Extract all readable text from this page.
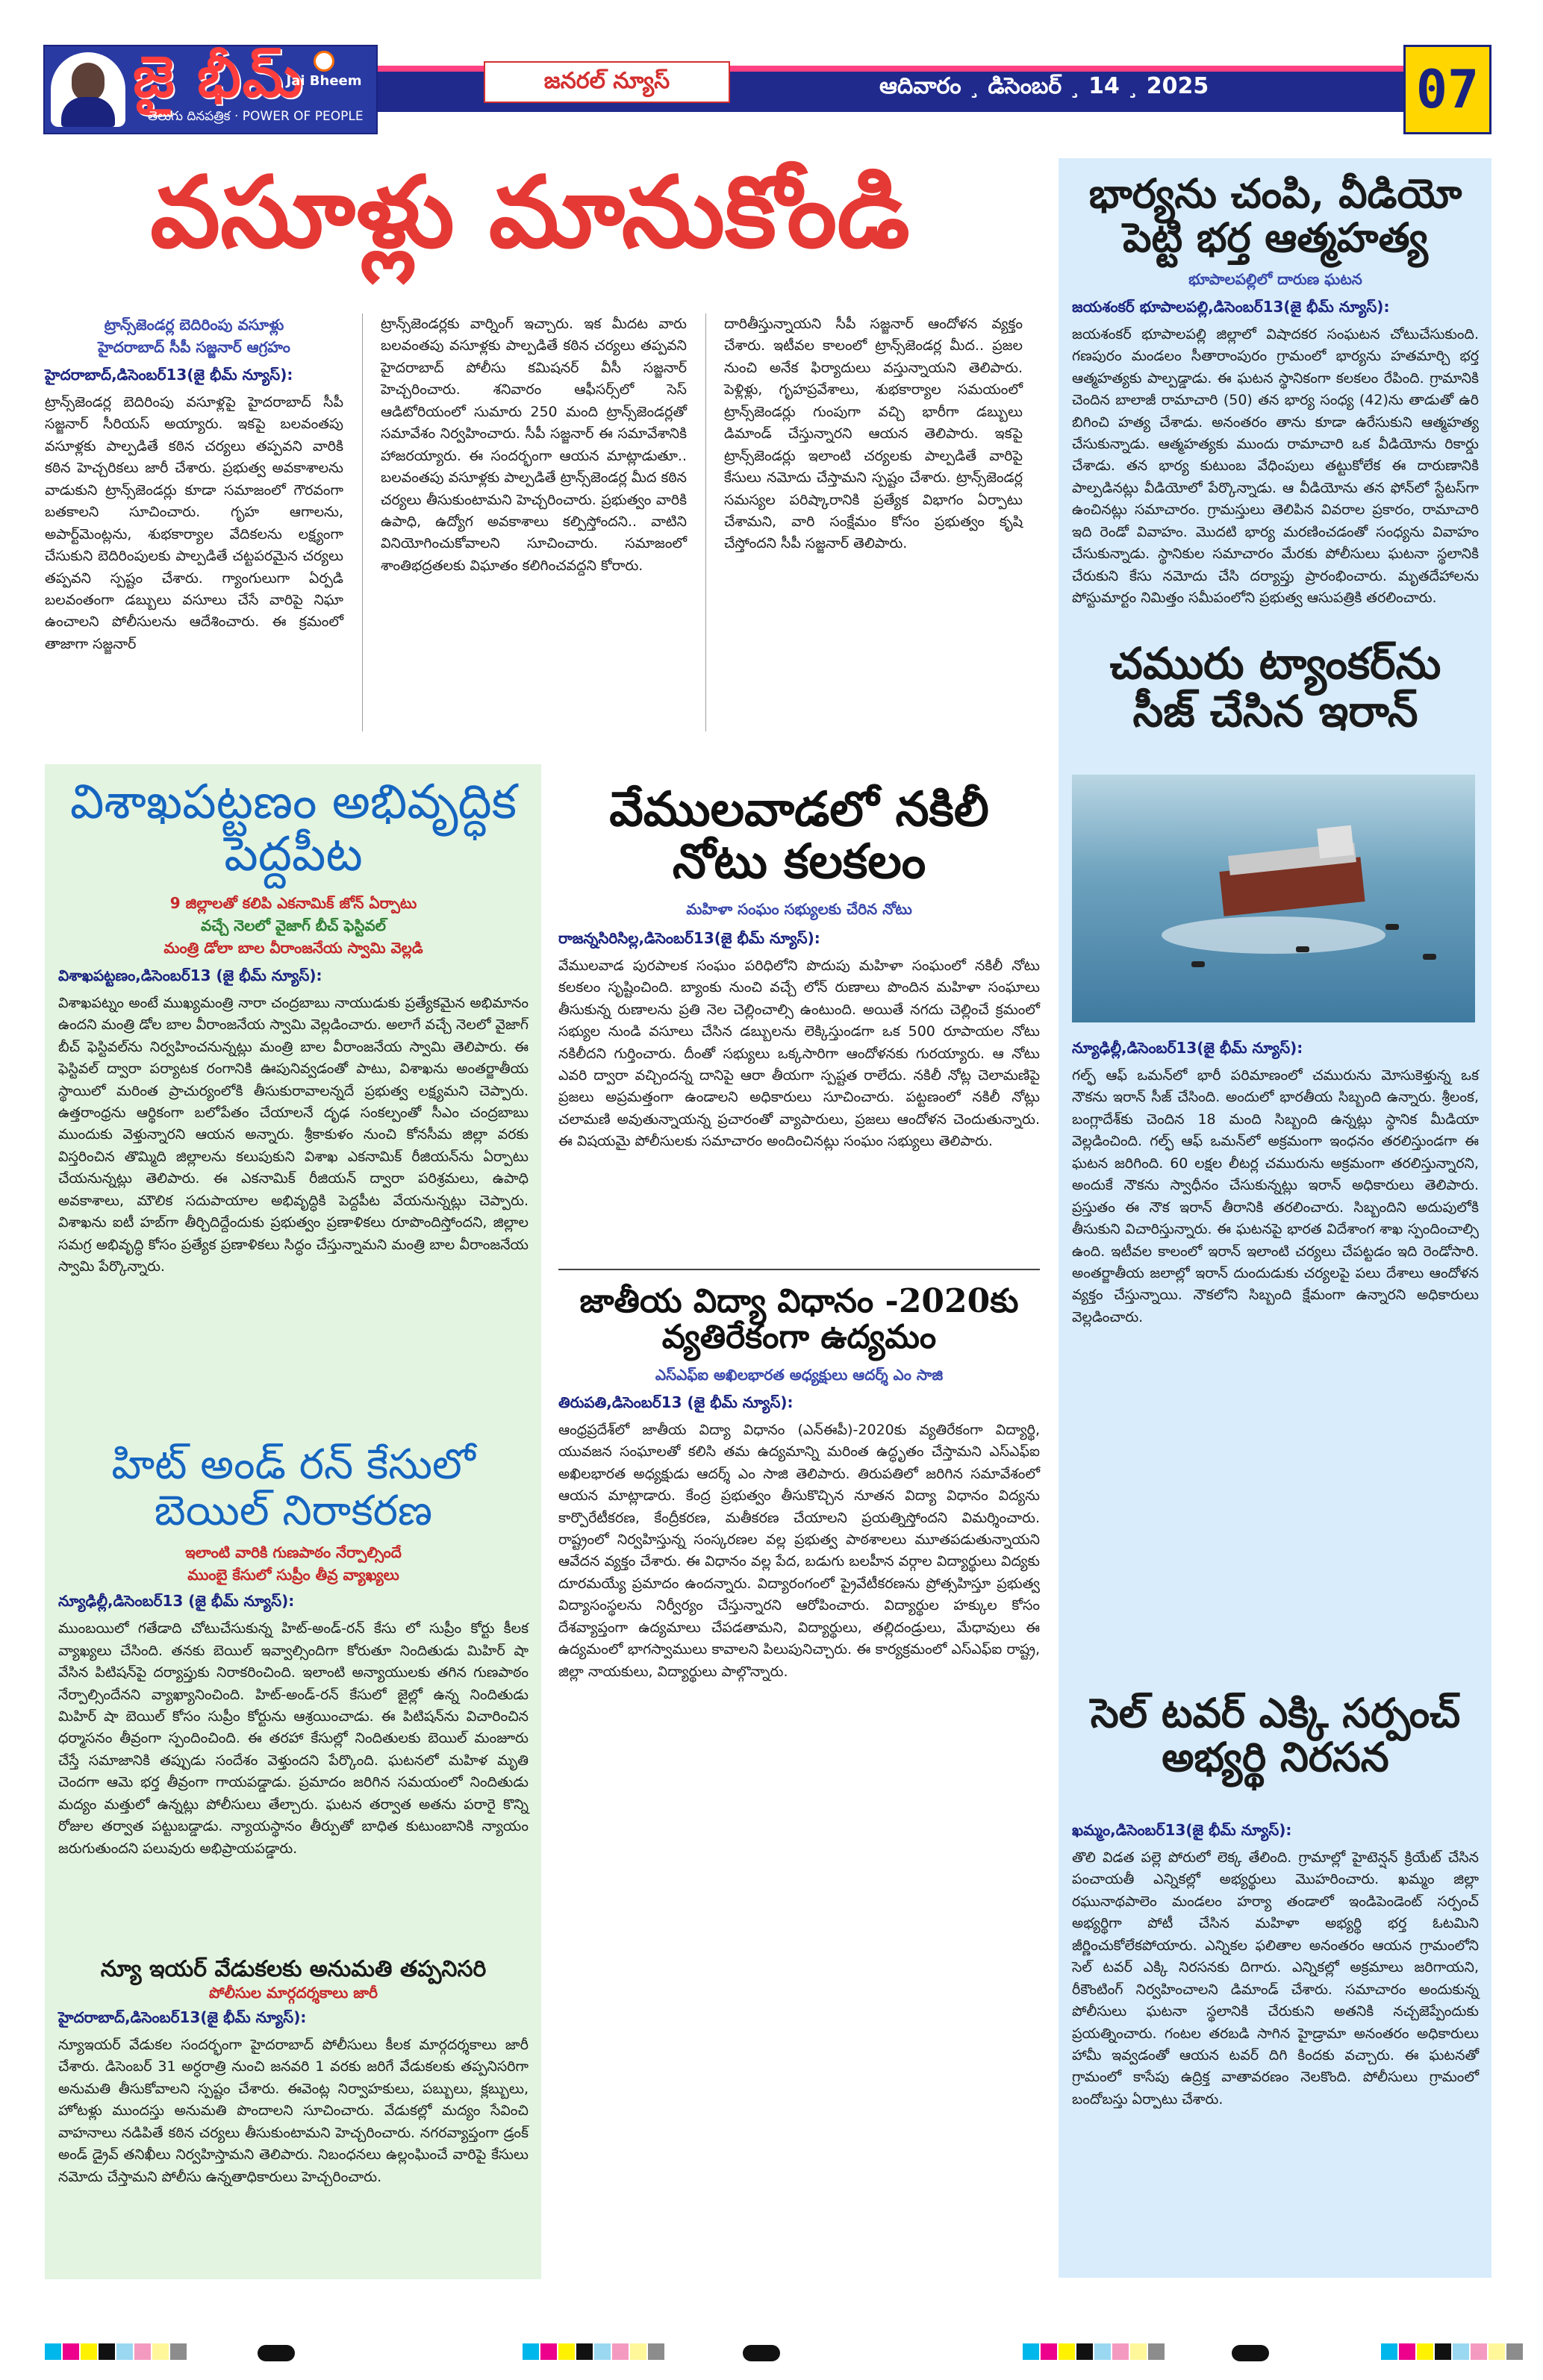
జై భీమ్
తెలుగు దినపత్రిక · POWER OF PEOPLE
Jai Bheem	జనరల్ న్యూస్	ఆదివారం ¸ డిసెంబర్ ¸ 14 ¸ 2025	07
వసూళ్లు మానుకోండి
ట్రాన్స్‌జెండర్ల బెదిరింపు వసూళ్లు
హైదరాబాద్ సీపీ సజ్జనార్ ఆగ్రహం
హైదరాబాద్,డిసెంబర్13(జై భీమ్ న్యూస్):
ట్రాన్స్‌జెండర్ల బెదిరింపు వసూళ్లపై హైదరాబాద్ సీపీ సజ్జనార్ సీరియస్ అయ్యారు. ఇకపై బలవంతపు వసూళ్లకు పాల్పడితే కఠిన చర్యలు తప్పవని వారికి కఠిన హెచ్చరికలు జారీ చేశారు. ప్రభుత్వ అవకాశాలను వాడుకుని ట్రాన్స్‌జెండర్లు కూడా సమాజంలో గౌరవంగా బతకాలని సూచించారు. గృహ ఆగాలను, అపార్ట్‌మెంట్లను, శుభకార్యాల వేదికలను లక్ష్యంగా చేసుకుని బెదిరింపులకు పాల్పడితే చట్టపరమైన చర్యలు తప్పవని స్పష్టం చేశారు. గ్యాంగులుగా ఏర్పడి బలవంతంగా డబ్బులు వసూలు చేసే వారిపై నిఘా ఉంచాలని పోలీసులను ఆదేశించారు. ఈ క్రమంలో తాజాగా సజ్జనార్
ట్రాన్స్‌జెండర్లకు వార్నింగ్ ఇచ్చారు. ఇక మీదట వారు బలవంతపు వసూళ్లకు పాల్పడితే కఠిన చర్యలు తప్పవని హైదరాబాద్ పోలీసు కమిషనర్ వీసీ సజ్జనార్ హెచ్చరించారు. శనివారం ఆఫీసర్స్‌లో సెస్ ఆడిటోరియంలో సుమారు 250 మంది ట్రాన్స్‌జెండర్లతో సమావేశం నిర్వహించారు. సీపీ సజ్జనార్ ఈ సమావేశానికి హాజరయ్యారు. ఈ సందర్భంగా ఆయన మాట్లాడుతూ.. బలవంతపు వసూళ్లకు పాల్పడితే ట్రాన్స్‌జెండర్ల మీద కఠిన చర్యలు తీసుకుంటామని హెచ్చరించారు. ప్రభుత్వం వారికి ఉపాధి, ఉద్యోగ అవకాశాలు కల్పిస్తోందని.. వాటిని వినియోగించుకోవాలని సూచించారు. సమాజంలో శాంతిభద్రతలకు విఘాతం కలిగించవద్దని కోరారు.
దారితీస్తున్నాయని సీపీ సజ్జనార్ ఆందోళన వ్యక్తం చేశారు. ఇటీవల కాలంలో ట్రాన్స్‌జెండర్ల మీద.. ప్రజల నుంచి అనేక ఫిర్యాదులు వస్తున్నాయని తెలిపారు. పెళ్లిళ్లు, గృహప్రవేశాలు, శుభకార్యాల సమయంలో ట్రాన్స్‌జెండర్లు గుంపుగా వచ్చి భారీగా డబ్బులు డిమాండ్ చేస్తున్నారని ఆయన తెలిపారు. ఇకపై ట్రాన్స్‌జెండర్లు ఇలాంటి చర్యలకు పాల్పడితే వారిపై కేసులు నమోదు చేస్తామని స్పష్టం చేశారు. ట్రాన్స్‌జెండర్ల సమస్యల పరిష్కారానికి ప్రత్యేక విభాగం ఏర్పాటు చేశామని, వారి సంక్షేమం కోసం ప్రభుత్వం కృషి చేస్తోందని సీపీ సజ్జనార్ తెలిపారు.
భార్యను చంపి, వీడియో పెట్టి భర్త ఆత్మహత్య
భూపాలపల్లిలో దారుణ ఘటన
జయశంకర్ భూపాలపల్లి,డిసెంబర్13(జై భీమ్ న్యూస్):
జయశంకర్ భూపాలపల్లి జిల్లాలో విషాదకర సంఘటన చోటుచేసుకుంది. గణపురం మండలం సీతారాంపురం గ్రామంలో భార్యను హతమార్చి భర్త ఆత్మహత్యకు పాల్పడ్డాడు. ఈ ఘటన స్థానికంగా కలకలం రేపింది. గ్రామానికి చెందిన బాలాజీ రామాచారి (50) తన భార్య సంధ్య (42)ను తాడుతో ఉరి బిగించి హత్య చేశాడు. అనంతరం తాను కూడా ఉరేసుకుని ఆత్మహత్య చేసుకున్నాడు. ఆత్మహత్యకు ముందు రామాచారి ఒక వీడియోను రికార్డు చేశాడు. తన భార్య కుటుంబ వేధింపులు తట్టుకోలేక ఈ దారుణానికి పాల్పడినట్లు వీడియోలో పేర్కొన్నాడు. ఆ వీడియోను తన ఫోన్‌లో స్టేటస్‌గా ఉంచినట్లు సమాచారం. గ్రామస్తులు తెలిపిన వివరాల ప్రకారం, రామాచారి ఇది రెండో వివాహం. మొదటి భార్య మరణించడంతో సంధ్యను వివాహం చేసుకున్నాడు. స్థానికుల సమాచారం మేరకు పోలీసులు ఘటనా స్థలానికి చేరుకుని కేసు నమోదు చేసి దర్యాప్తు ప్రారంభించారు. మృతదేహాలను పోస్టుమార్టం నిమిత్తం సమీపంలోని ప్రభుత్వ ఆసుపత్రికి తరలించారు.
చమురు ట్యాంకర్‌ను సీజ్ చేసిన ఇరాన్
న్యూఢిల్లీ,డిసెంబర్13(జై భీమ్ న్యూస్):
గల్ఫ్ ఆఫ్ ఒమన్‌లో భారీ పరిమాణంలో చమురును మోసుకెళ్తున్న ఒక నౌకను ఇరాన్ సీజ్ చేసింది. అందులో భారతీయ సిబ్బంది ఉన్నారు. శ్రీలంక, బంగ్లాదేశ్‌కు చెందిన 18 మంది సిబ్బంది ఉన్నట్లు స్థానిక మీడియా వెల్లడించింది. గల్ఫ్ ఆఫ్ ఒమన్‌లో అక్రమంగా ఇంధనం తరలిస్తుండగా ఈ ఘటన జరిగింది. 60 లక్షల లీటర్ల చమురును అక్రమంగా తరలిస్తున్నారని, అందుకే నౌకను స్వాధీనం చేసుకున్నట్లు ఇరాన్ అధికారులు తెలిపారు. ప్రస్తుతం ఈ నౌక ఇరాన్ తీరానికి తరలించారు. సిబ్బందిని అదుపులోకి తీసుకుని విచారిస్తున్నారు. ఈ ఘటనపై భారత విదేశాంగ శాఖ స్పందించాల్సి ఉంది. ఇటీవల కాలంలో ఇరాన్ ఇలాంటి చర్యలు చేపట్టడం ఇది రెండోసారి. అంతర్జాతీయ జలాల్లో ఇరాన్ దుందుడుకు చర్యలపై పలు దేశాలు ఆందోళన వ్యక్తం చేస్తున్నాయి. నౌకలోని సిబ్బంది క్షేమంగా ఉన్నారని అధికారులు వెల్లడించారు.
సెల్ టవర్ ఎక్కి సర్పంచ్ అభ్యర్థి నిరసన
ఖమ్మం,డిసెంబర్13(జై భీమ్ న్యూస్):
తొలి విడత పల్లె పోరులో లెక్క తేలింది. గ్రామాల్లో హైటెన్షన్ క్రియేట్ చేసిన పంచాయతీ ఎన్నికల్లో అభ్యర్థులు మొహరించారు. ఖమ్మం జిల్లా రఘునాథపాలెం మండలం హర్యా తండాలో ఇండిపెండెంట్ సర్పంచ్ అభ్యర్థిగా పోటీ చేసిన మహిళా అభ్యర్థి భర్త ఓటమిని జీర్ణించుకోలేకపోయారు. ఎన్నికల ఫలితాల అనంతరం ఆయన గ్రామంలోని సెల్ టవర్ ఎక్కి నిరసనకు దిగారు. ఎన్నికల్లో అక్రమాలు జరిగాయని, రీకౌంటింగ్ నిర్వహించాలని డిమాండ్ చేశారు. సమాచారం అందుకున్న పోలీసులు ఘటనా స్థలానికి చేరుకుని అతనికి నచ్చజెప్పేందుకు ప్రయత్నించారు. గంటల తరబడి సాగిన హైడ్రామా అనంతరం అధికారులు హామీ ఇవ్వడంతో ఆయన టవర్ దిగి కిందకు వచ్చారు. ఈ ఘటనతో గ్రామంలో కాసేపు ఉద్రిక్త వాతావరణం నెలకొంది. పోలీసులు గ్రామంలో బందోబస్తు ఏర్పాటు చేశారు.
విశాఖపట్టణం అభివృద్ధిక పెద్దపీట
9 జిల్లాలతో కలిపి ఎకనామిక్ జోన్ ఏర్పాటు
వచ్చే నెలలో వైజాగ్ బీచ్ ఫెస్టివల్
మంత్రి డోలా బాల వీరాంజనేయ స్వామి వెల్లడి
విశాఖపట్టణం,డిసెంబర్13 (జై భీమ్ న్యూస్):
విశాఖపట్నం అంటే ముఖ్యమంత్రి నారా చంద్రబాబు నాయుడుకు ప్రత్యేకమైన అభిమానం ఉందని మంత్రి డోల బాల వీరాంజనేయ స్వామి వెల్లడించారు. అలాగే వచ్చే నెలలో వైజాగ్ బీచ్ ఫెస్టివల్‌ను నిర్వహించనున్నట్లు మంత్రి బాల వీరాంజనేయ స్వామి తెలిపారు. ఈ ఫెస్టివల్ ద్వారా పర్యాటక రంగానికి ఊపునివ్వడంతో పాటు, విశాఖను అంతర్జాతీయ స్థాయిలో మరింత ప్రాచుర్యంలోకి తీసుకురావాలన్నదే ప్రభుత్వ లక్ష్యమని చెప్పారు. ఉత్తరాంధ్రను ఆర్థికంగా బలోపేతం చేయాలనే దృఢ సంకల్పంతో సీఎం చంద్రబాబు ముందుకు వెళ్తున్నారని ఆయన అన్నారు. శ్రీకాకుళం నుంచి కోనసీమ జిల్లా వరకు విస్తరించిన తొమ్మిది జిల్లాలను కలుపుకుని విశాఖ ఎకనామిక్ రీజియన్‌ను ఏర్పాటు చేయనున్నట్లు తెలిపారు. ఈ ఎకనామిక్ రీజియన్ ద్వారా పరిశ్రమలు, ఉపాధి అవకాశాలు, మౌలిక సదుపాయాల అభివృద్ధికి పెద్దపీట వేయనున్నట్లు చెప్పారు. విశాఖను ఐటీ హబ్‌గా తీర్చిదిద్దేందుకు ప్రభుత్వం ప్రణాళికలు రూపొందిస్తోందని, జిల్లాల సమగ్ర అభివృద్ధి కోసం ప్రత్యేక ప్రణాళికలు సిద్ధం చేస్తున్నామని మంత్రి బాల వీరాంజనేయ స్వామి పేర్కొన్నారు.
హిట్ అండ్ రన్ కేసులో బెయిల్ నిరాకరణ
ఇలాంటి వారికి గుణపాఠం నేర్పాల్సిందే
ముంబై కేసులో సుప్రీం తీవ్ర వ్యాఖ్యలు
న్యూఢిల్లీ,డిసెంబర్13 (జై భీమ్ న్యూస్):
ముంబయిలో గతేడాది చోటుచేసుకున్న హిట్-అండ్-రన్ కేసు లో సుప్రీం కోర్టు కీలక వ్యాఖ్యలు చేసింది. తనకు బెయిల్ ఇవ్వాల్సిందిగా కోరుతూ నిందితుడు మిహిర్ షా వేసిన పిటిషన్‌పై దర్యాప్తుకు నిరాకరించింది. ఇలాంటి అన్యాయులకు తగిన గుణపాఠం నేర్పాల్సిందేనని వ్యాఖ్యానించింది. హిట్-అండ్-రన్ కేసులో జైల్లో ఉన్న నిందితుడు మిహిర్ షా బెయిల్ కోసం సుప్రీం కోర్టును ఆశ్రయించాడు. ఈ పిటిషన్‌ను విచారించిన ధర్మాసనం తీవ్రంగా స్పందించింది. ఈ తరహా కేసుల్లో నిందితులకు బెయిల్ మంజూరు చేస్తే సమాజానికి తప్పుడు సందేశం వెళ్తుందని పేర్కొంది. ఘటనలో మహిళ మృతి చెందగా ఆమె భర్త తీవ్రంగా గాయపడ్డాడు. ప్రమాదం జరిగిన సమయంలో నిందితుడు మద్యం మత్తులో ఉన్నట్లు పోలీసులు తేల్చారు. ఘటన తర్వాత అతను పరారై కొన్ని రోజుల తర్వాత పట్టుబడ్డాడు. న్యాయస్థానం తీర్పుతో బాధిత కుటుంబానికి న్యాయం జరుగుతుందని పలువురు అభిప్రాయపడ్డారు.
న్యూ ఇయర్ వేడుకలకు అనుమతి తప్పనిసరి
పోలీసుల మార్గదర్శకాలు జారీ
హైదరాబాద్,డిసెంబర్13(జై భీమ్ న్యూస్):
న్యూఇయర్ వేడుకల సందర్భంగా హైదరాబాద్ పోలీసులు కీలక మార్గదర్శకాలు జారీ చేశారు. డిసెంబర్ 31 అర్ధరాత్రి నుంచి జనవరి 1 వరకు జరిగే వేడుకలకు తప్పనిసరిగా అనుమతి తీసుకోవాలని స్పష్టం చేశారు. ఈవెంట్ల నిర్వాహకులు, పబ్బులు, క్లబ్బులు, హోటళ్లు ముందస్తు అనుమతి పొందాలని సూచించారు. వేడుకల్లో మద్యం సేవించి వాహనాలు నడిపితే కఠిన చర్యలు తీసుకుంటామని హెచ్చరించారు. నగరవ్యాప్తంగా డ్రంక్ అండ్ డ్రైవ్ తనిఖీలు నిర్వహిస్తామని తెలిపారు. నిబంధనలు ఉల్లంఘించే వారిపై కేసులు నమోదు చేస్తామని పోలీసు ఉన్నతాధికారులు హెచ్చరించారు.
వేములవాడలో నకిలీ నోటు కలకలం
మహిళా సంఘం సభ్యులకు చేరిన నోటు
రాజన్నసిరిసిల్ల,డిసెంబర్13(జై భీమ్ న్యూస్):
వేములవాడ పురపాలక సంఘం పరిధిలోని పొదుపు మహిళా సంఘంలో నకిలీ నోటు కలకలం సృష్టించింది. బ్యాంకు నుంచి వచ్చే లోన్ రుణాలు పొందిన మహిళా సంఘాలు తీసుకున్న రుణాలను ప్రతి నెల చెల్లించాల్సి ఉంటుంది. అయితే నగదు చెల్లించే క్రమంలో సభ్యుల నుండి వసూలు చేసిన డబ్బులను లెక్కిస్తుండగా ఒక 500 రూపాయల నోటు నకిలీదని గుర్తించారు. దీంతో సభ్యులు ఒక్కసారిగా ఆందోళనకు గురయ్యారు. ఆ నోటు ఎవరి ద్వారా వచ్చిందన్న దానిపై ఆరా తీయగా స్పష్టత రాలేదు. నకిలీ నోట్ల చెలామణిపై ప్రజలు అప్రమత్తంగా ఉండాలని అధికారులు సూచించారు. పట్టణంలో నకిలీ నోట్లు చలామణి అవుతున్నాయన్న ప్రచారంతో వ్యాపారులు, ప్రజలు ఆందోళన చెందుతున్నారు. ఈ విషయమై పోలీసులకు సమాచారం అందించినట్లు సంఘం సభ్యులు తెలిపారు.
జాతీయ విద్యా విధానం -2020కు వ్యతిరేకంగా ఉద్యమం
ఎస్ఎఫ్ఐ అఖిలభారత అధ్యక్షులు ఆదర్శ్ ఎం సాజి
తిరుపతి,డిసెంబర్13 (జై భీమ్ న్యూస్):
ఆంధ్రప్రదేశ్‌లో జాతీయ విద్యా విధానం (ఎన్ఈపీ)-2020కు వ్యతిరేకంగా విద్యార్థి, యువజన సంఘాలతో కలిసి తమ ఉద్యమాన్ని మరింత ఉద్ధృతం చేస్తామని ఎస్ఎఫ్ఐ అఖిలభారత అధ్యక్షుడు ఆదర్శ్ ఎం సాజి తెలిపారు. తిరుపతిలో జరిగిన సమావేశంలో ఆయన మాట్లాడారు. కేంద్ర ప్రభుత్వం తీసుకొచ్చిన నూతన విద్యా విధానం విద్యను కార్పొరేటీకరణ, కేంద్రీకరణ, మతీకరణ చేయాలని ప్రయత్నిస్తోందని విమర్శించారు. రాష్ట్రంలో నిర్వహిస్తున్న సంస్కరణల వల్ల ప్రభుత్వ పాఠశాలలు మూతపడుతున్నాయని ఆవేదన వ్యక్తం చేశారు. ఈ విధానం వల్ల పేద, బడుగు బలహీన వర్గాల విద్యార్థులు విద్యకు దూరమయ్యే ప్రమాదం ఉందన్నారు. విద్యారంగంలో ప్రైవేటీకరణను ప్రోత్సహిస్తూ ప్రభుత్వ విద్యాసంస్థలను నిర్వీర్యం చేస్తున్నారని ఆరోపించారు. విద్యార్థుల హక్కుల కోసం దేశవ్యాప్తంగా ఉద్యమాలు చేపడతామని, విద్యార్థులు, తల్లిదండ్రులు, మేధావులు ఈ ఉద్యమంలో భాగస్వాములు కావాలని పిలుపునిచ్చారు. ఈ కార్యక్రమంలో ఎస్ఎఫ్ఐ రాష్ట్ర, జిల్లా నాయకులు, విద్యార్థులు పాల్గొన్నారు.
